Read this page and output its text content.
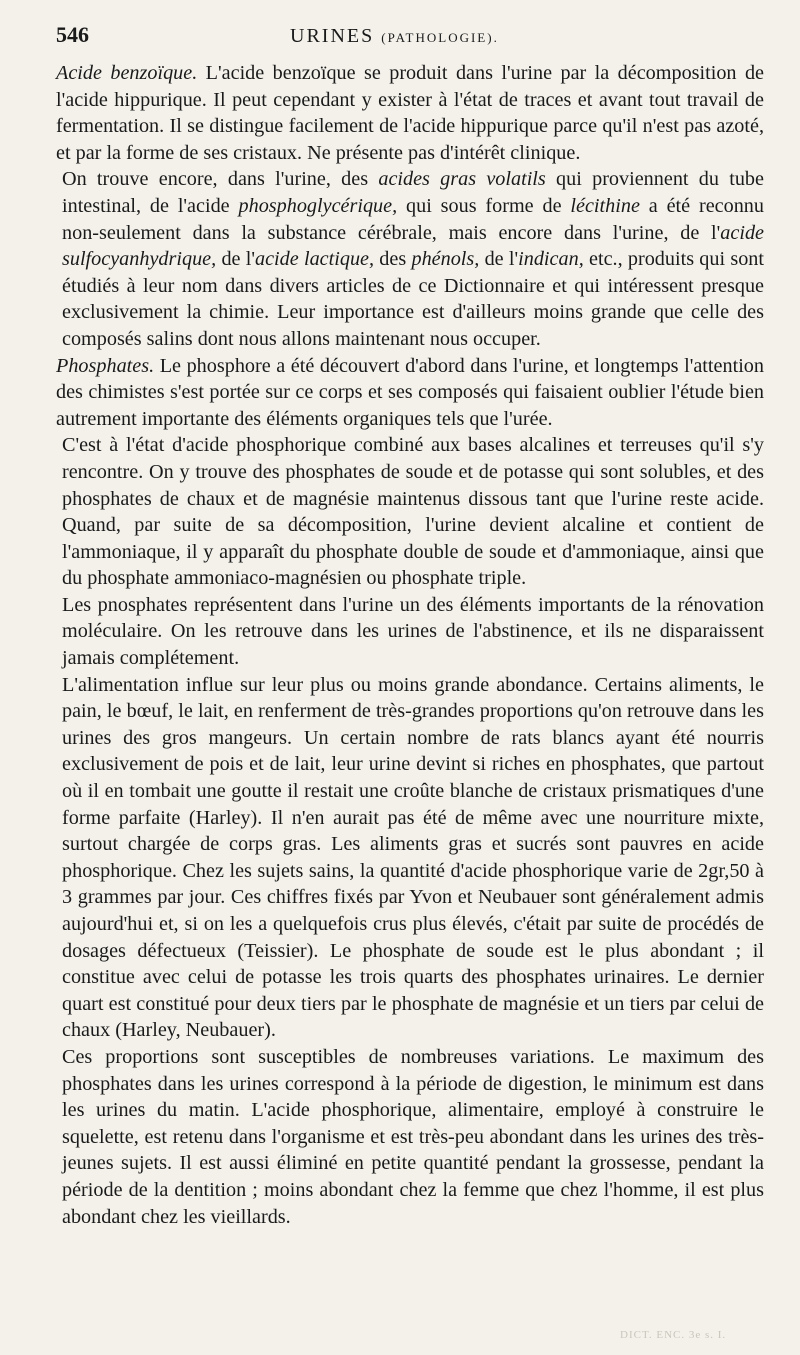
546	URINES (PATHOLOGIE).

Acide benzoïque. L'acide benzoïque se produit dans l'urine par la décomposition de l'acide hippurique. Il peut cependant y exister à l'état de traces et avant tout travail de fermentation. Il se distingue facilement de l'acide hippurique parce qu'il n'est pas azoté, et par la forme de ses cristaux. Ne présente pas d'intérêt clinique.

On trouve encore, dans l'urine, des acides gras volatils qui proviennent du tube intestinal, de l'acide phosphoglycérique, qui sous forme de lécithine a été reconnu non-seulement dans la substance cérébrale, mais encore dans l'urine, de l'acide sulfocyanhydrique, de l'acide lactique, des phénols, de l'indican, etc., produits qui sont étudiés à leur nom dans divers articles de ce Dictionnaire et qui intéressent presque exclusivement la chimie. Leur importance est d'ailleurs moins grande que celle des composés salins dont nous allons maintenant nous occuper.

Phosphates. Le phosphore a été découvert d'abord dans l'urine, et longtemps l'attention des chimistes s'est portée sur ce corps et ses composés qui faisaient oublier l'étude bien autrement importante des éléments organiques tels que l'urée.

C'est à l'état d'acide phosphorique combiné aux bases alcalines et terreuses qu'il s'y rencontre. On y trouve des phosphates de soude et de potasse qui sont solubles, et des phosphates de chaux et de magnésie maintenus dissous tant que l'urine reste acide. Quand, par suite de sa décomposition, l'urine devient alcaline et contient de l'ammoniaque, il y apparaît du phosphate double de soude et d'ammoniaque, ainsi que du phosphate ammoniaco-magnésien ou phosphate triple.

Les pnosphates représentent dans l'urine un des éléments importants de la rénovation moléculaire. On les retrouve dans les urines de l'abstinence, et ils ne disparaissent jamais complétement.

L'alimentation influe sur leur plus ou moins grande abondance. Certains aliments, le pain, le bœuf, le lait, en renferment de très-grandes proportions qu'on retrouve dans les urines des gros mangeurs. Un certain nombre de rats blancs ayant été nourris exclusivement de pois et de lait, leur urine devint si riches en phosphates, que partout où il en tombait une goutte il restait une croûte blanche de cristaux prismatiques d'une forme parfaite (Harley). Il n'en aurait pas été de même avec une nourriture mixte, surtout chargée de corps gras. Les aliments gras et sucrés sont pauvres en acide phosphorique. Chez les sujets sains, la quantité d'acide phosphorique varie de 2gr,50 à 3 grammes par jour. Ces chiffres fixés par Yvon et Neubauer sont généralement admis aujourd'hui et, si on les a quelquefois crus plus élevés, c'était par suite de procédés de dosages défectueux (Teissier). Le phosphate de soude est le plus abondant ; il constitue avec celui de potasse les trois quarts des phosphates urinaires. Le dernier quart est constitué pour deux tiers par le phosphate de magnésie et un tiers par celui de chaux (Harley, Neubauer).

Ces proportions sont susceptibles de nombreuses variations. Le maximum des phosphates dans les urines correspond à la période de digestion, le minimum est dans les urines du matin. L'acide phosphorique, alimentaire, employé à construire le squelette, est retenu dans l'organisme et est très-peu abondant dans les urines des très-jeunes sujets. Il est aussi éliminé en petite quantité pendant la grossesse, pendant la période de la dentition ; moins abondant chez la femme que chez l'homme, il est plus abondant chez les vieillards.

DICT. ENC. 3e s. I.
